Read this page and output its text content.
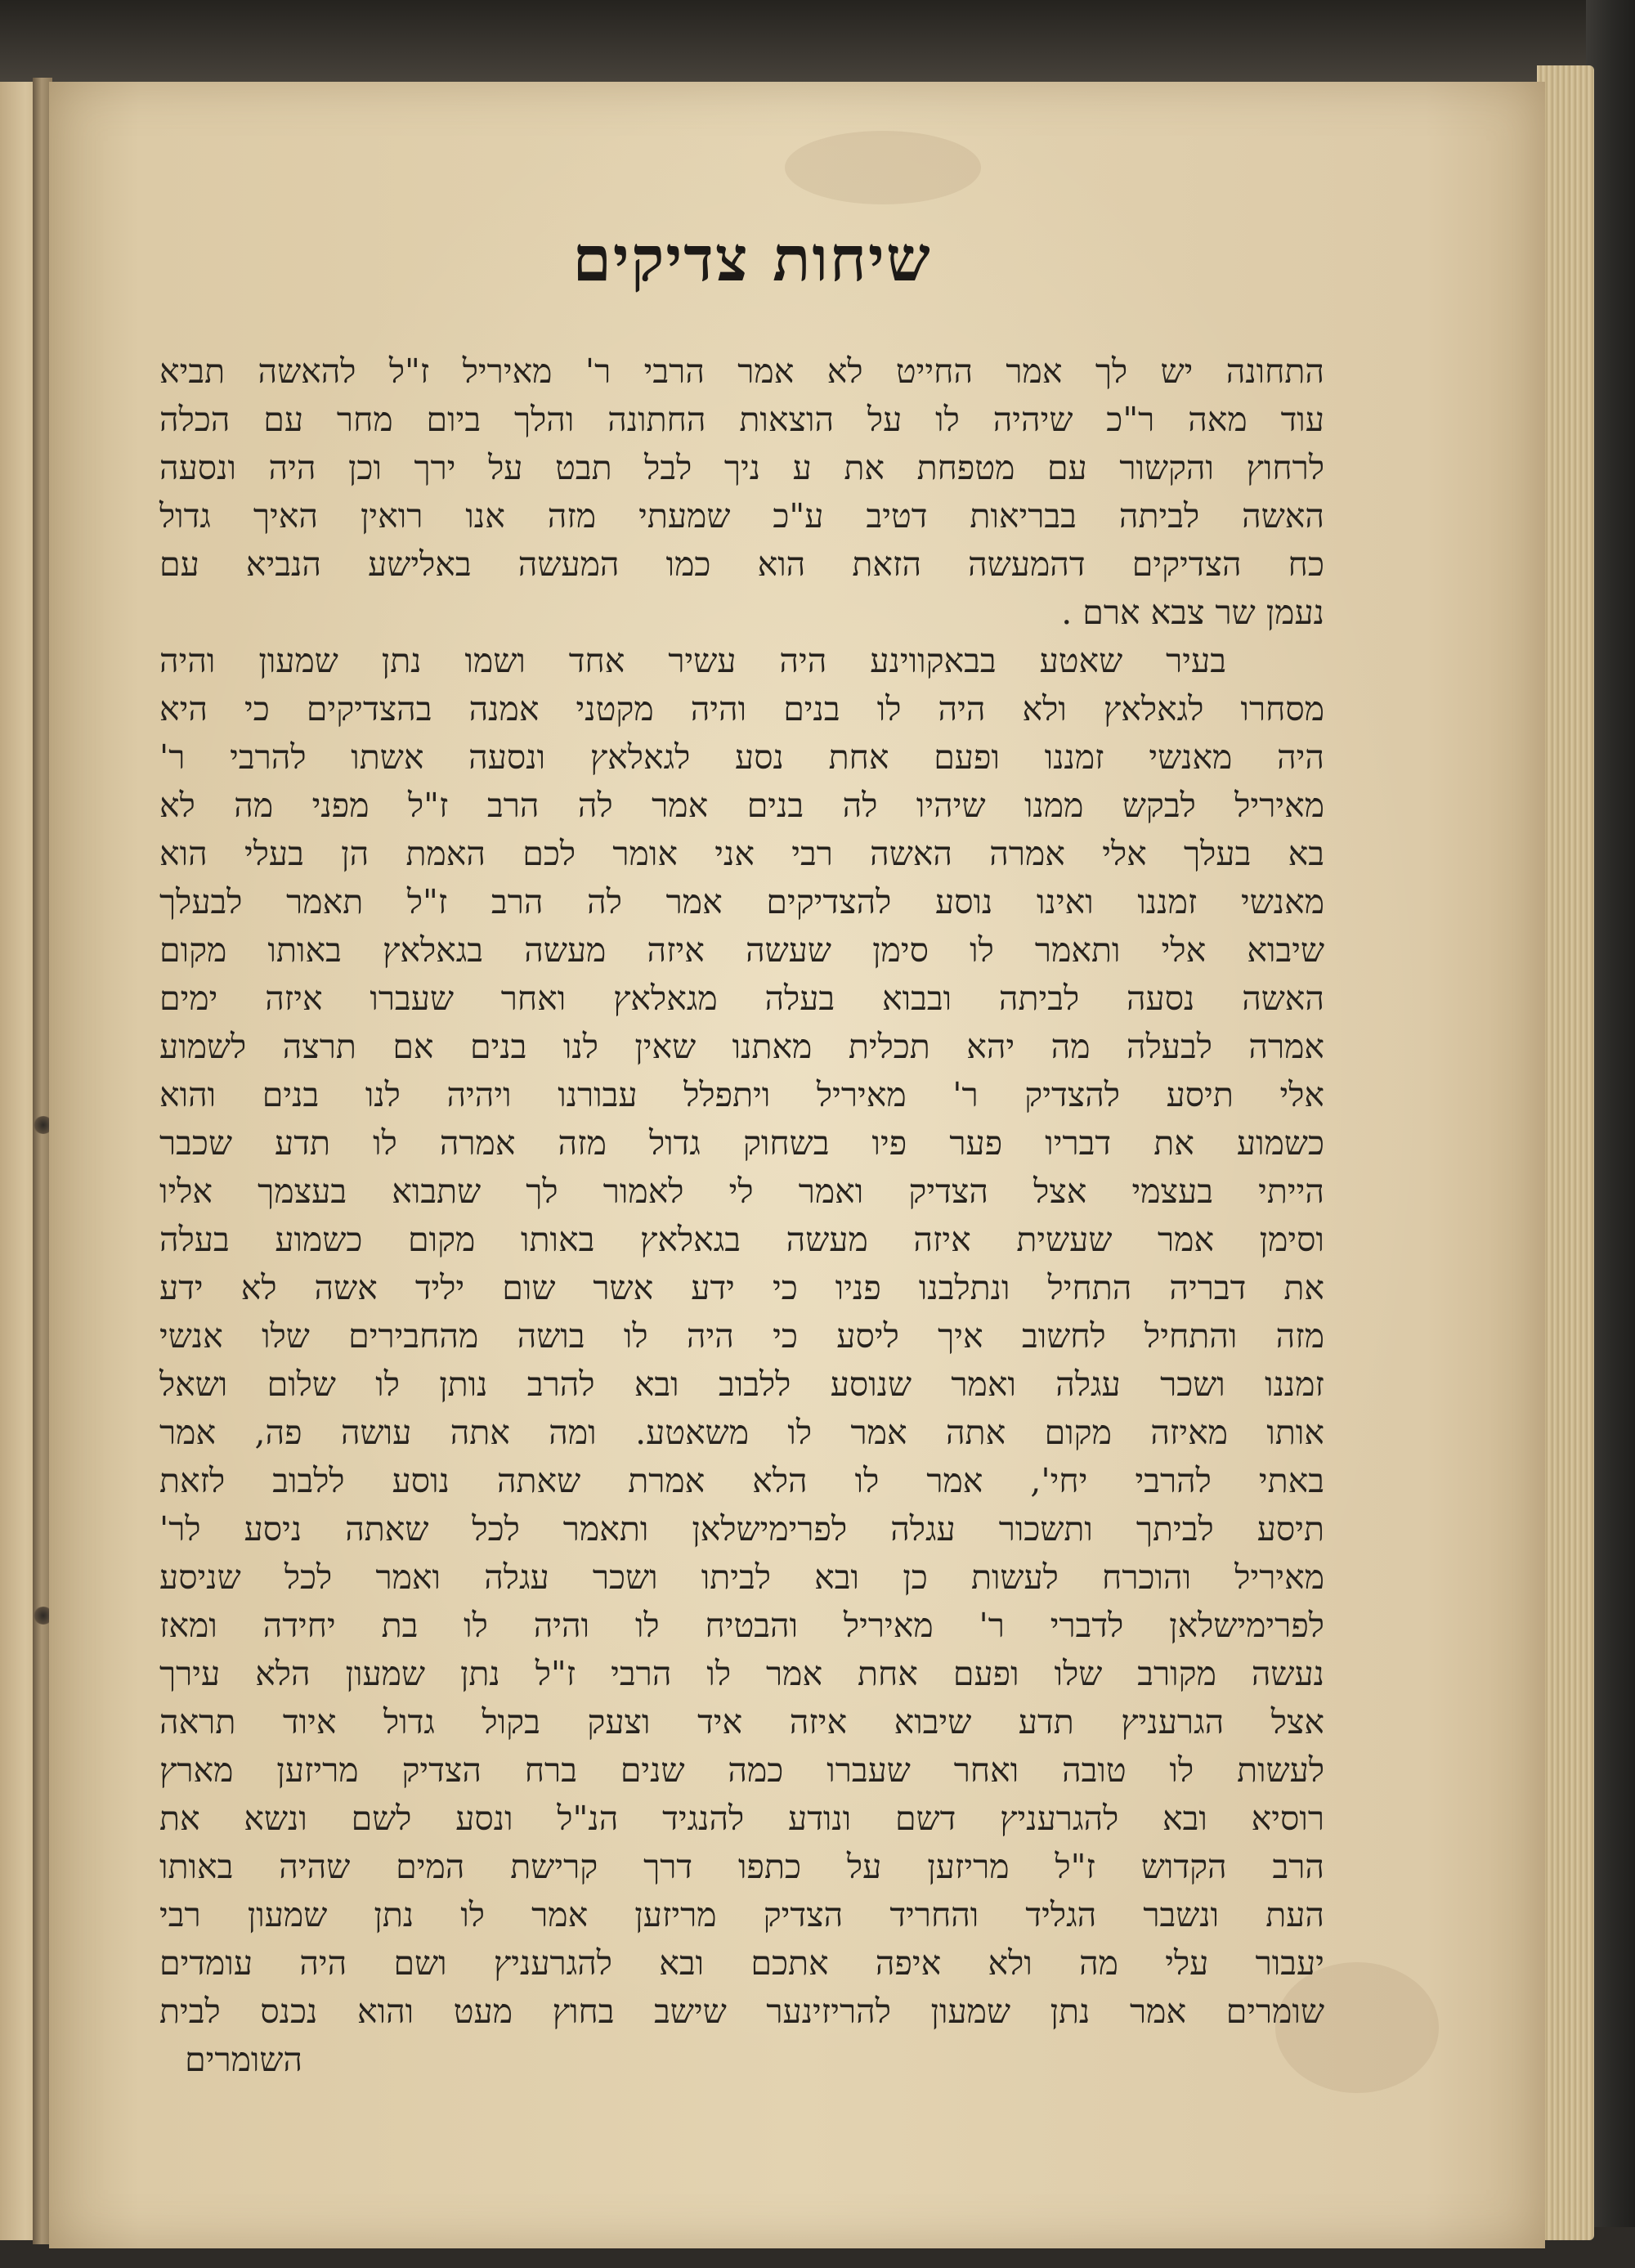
שיחות צדיקים
התחונה יש לך אמר החייט לא אמר הרבי ר' מאיריל ז"ל להאשה תביא
עוד מאה ר"כ שיהיה לו על הוצאות החתונה והלך ביום מחר עם הכלה
לרחוץ והקשור עם מטפחת את ע ניך לבל תבט על ירך וכן היה ונסעה
האשה לביתה בבריאות דטיב ע"כ שמעתי מזה אנו רואין האיך גדול
כח הצדיקים דהמעשה הזאת הוא כמו המעשה באלישע הנביא עם
נעמן שר צבא ארם .
בעיר שאטע בבאקווינע היה עשיר אחד ושמו נתן שמעון והיה
מסחרו לגאלאץ ולא היה לו בנים והיה מקטני אמנה בהצדיקים כי היא
היה מאנשי זמננו ופעם אחת נסע לגאלאץ ונסעה אשתו להרבי ר'
מאיריל לבקש ממנו שיהיו לה בנים אמר לה הרב ז"ל מפני מה לא
בא בעלך אלי אמרה האשה רבי אני אומר לכם האמת הן בעלי הוא
מאנשי זמננו ואינו נוסע להצדיקים אמר לה הרב ז"ל תאמר לבעלך
שיבוא אלי ותאמר לו סימן שעשה איזה מעשה בגאלאץ באותו מקום
האשה נסעה לביתה ובבוא בעלה מגאלאץ ואחר שעברו איזה ימים
אמרה לבעלה מה יהא תכלית מאתנו שאין לנו בנים אם תרצה לשמוע
אלי תיסע להצדיק ר' מאיריל ויתפלל עבורנו ויהיה לנו בנים והוא
כשמוע את דבריו פער פיו בשחוק גדול מזה אמרה לו תדע שכבר
הייתי בעצמי אצל הצדיק ואמר לי לאמור לך שתבוא בעצמך אליו
וסימן אמר שעשית איזה מעשה בגאלאץ באותו מקום כשמוע בעלה
את דבריה התחיל ונתלבנו פניו כי ידע אשר שום יליד אשה לא ידע
מזה והתחיל לחשוב איך ליסע כי היה לו בושה מהחבירים שלו אנשי
זמננו ושכר עגלה ואמר שנוסע ללבוב ובא להרב נותן לו שלום ושאל
אותו מאיזה מקום אתה אמר לו משאטע. ומה אתה עושה פה, אמר
באתי להרבי יחי', אמר לו הלא אמרת שאתה נוסע ללבוב לזאת
תיסע לביתך ותשכור עגלה לפרימישלאן ותאמר לכל שאתה ניסע לר'
מאיריל והוכרח לעשות כן ובא לביתו ושכר עגלה ואמר לכל שניסע
לפרימישלאן לדברי ר' מאיריל והבטיח לו והיה לו בת יחידה ומאז
נעשה מקורב שלו ופעם אחת אמר לו הרבי ז"ל נתן שמעון הלא עירך
אצל הגרעניץ תדע שיבוא איזה איד וצעק בקול גדול איוד תראה
לעשות לו טובה ואחר שעברו כמה שנים ברח הצדיק מריזען מארץ
רוסיא ובא להגרעניץ דשם ונודע להנגיד הנ"ל ונסע לשם ונשא את
הרב הקדוש ז"ל מריזען על כתפו דרך קרישת המים שהיה באותו
העת ונשבר הגליד והחריד הצדיק מריזען אמר לו נתן שמעון רבי
יעבור עלי מה ולא איפה אתכם ובא להגרעניץ ושם היה עומדים
שומרים אמר נתן שמעון להריזינער שישב בחוץ מעט והוא נכנס לבית
השומרים
